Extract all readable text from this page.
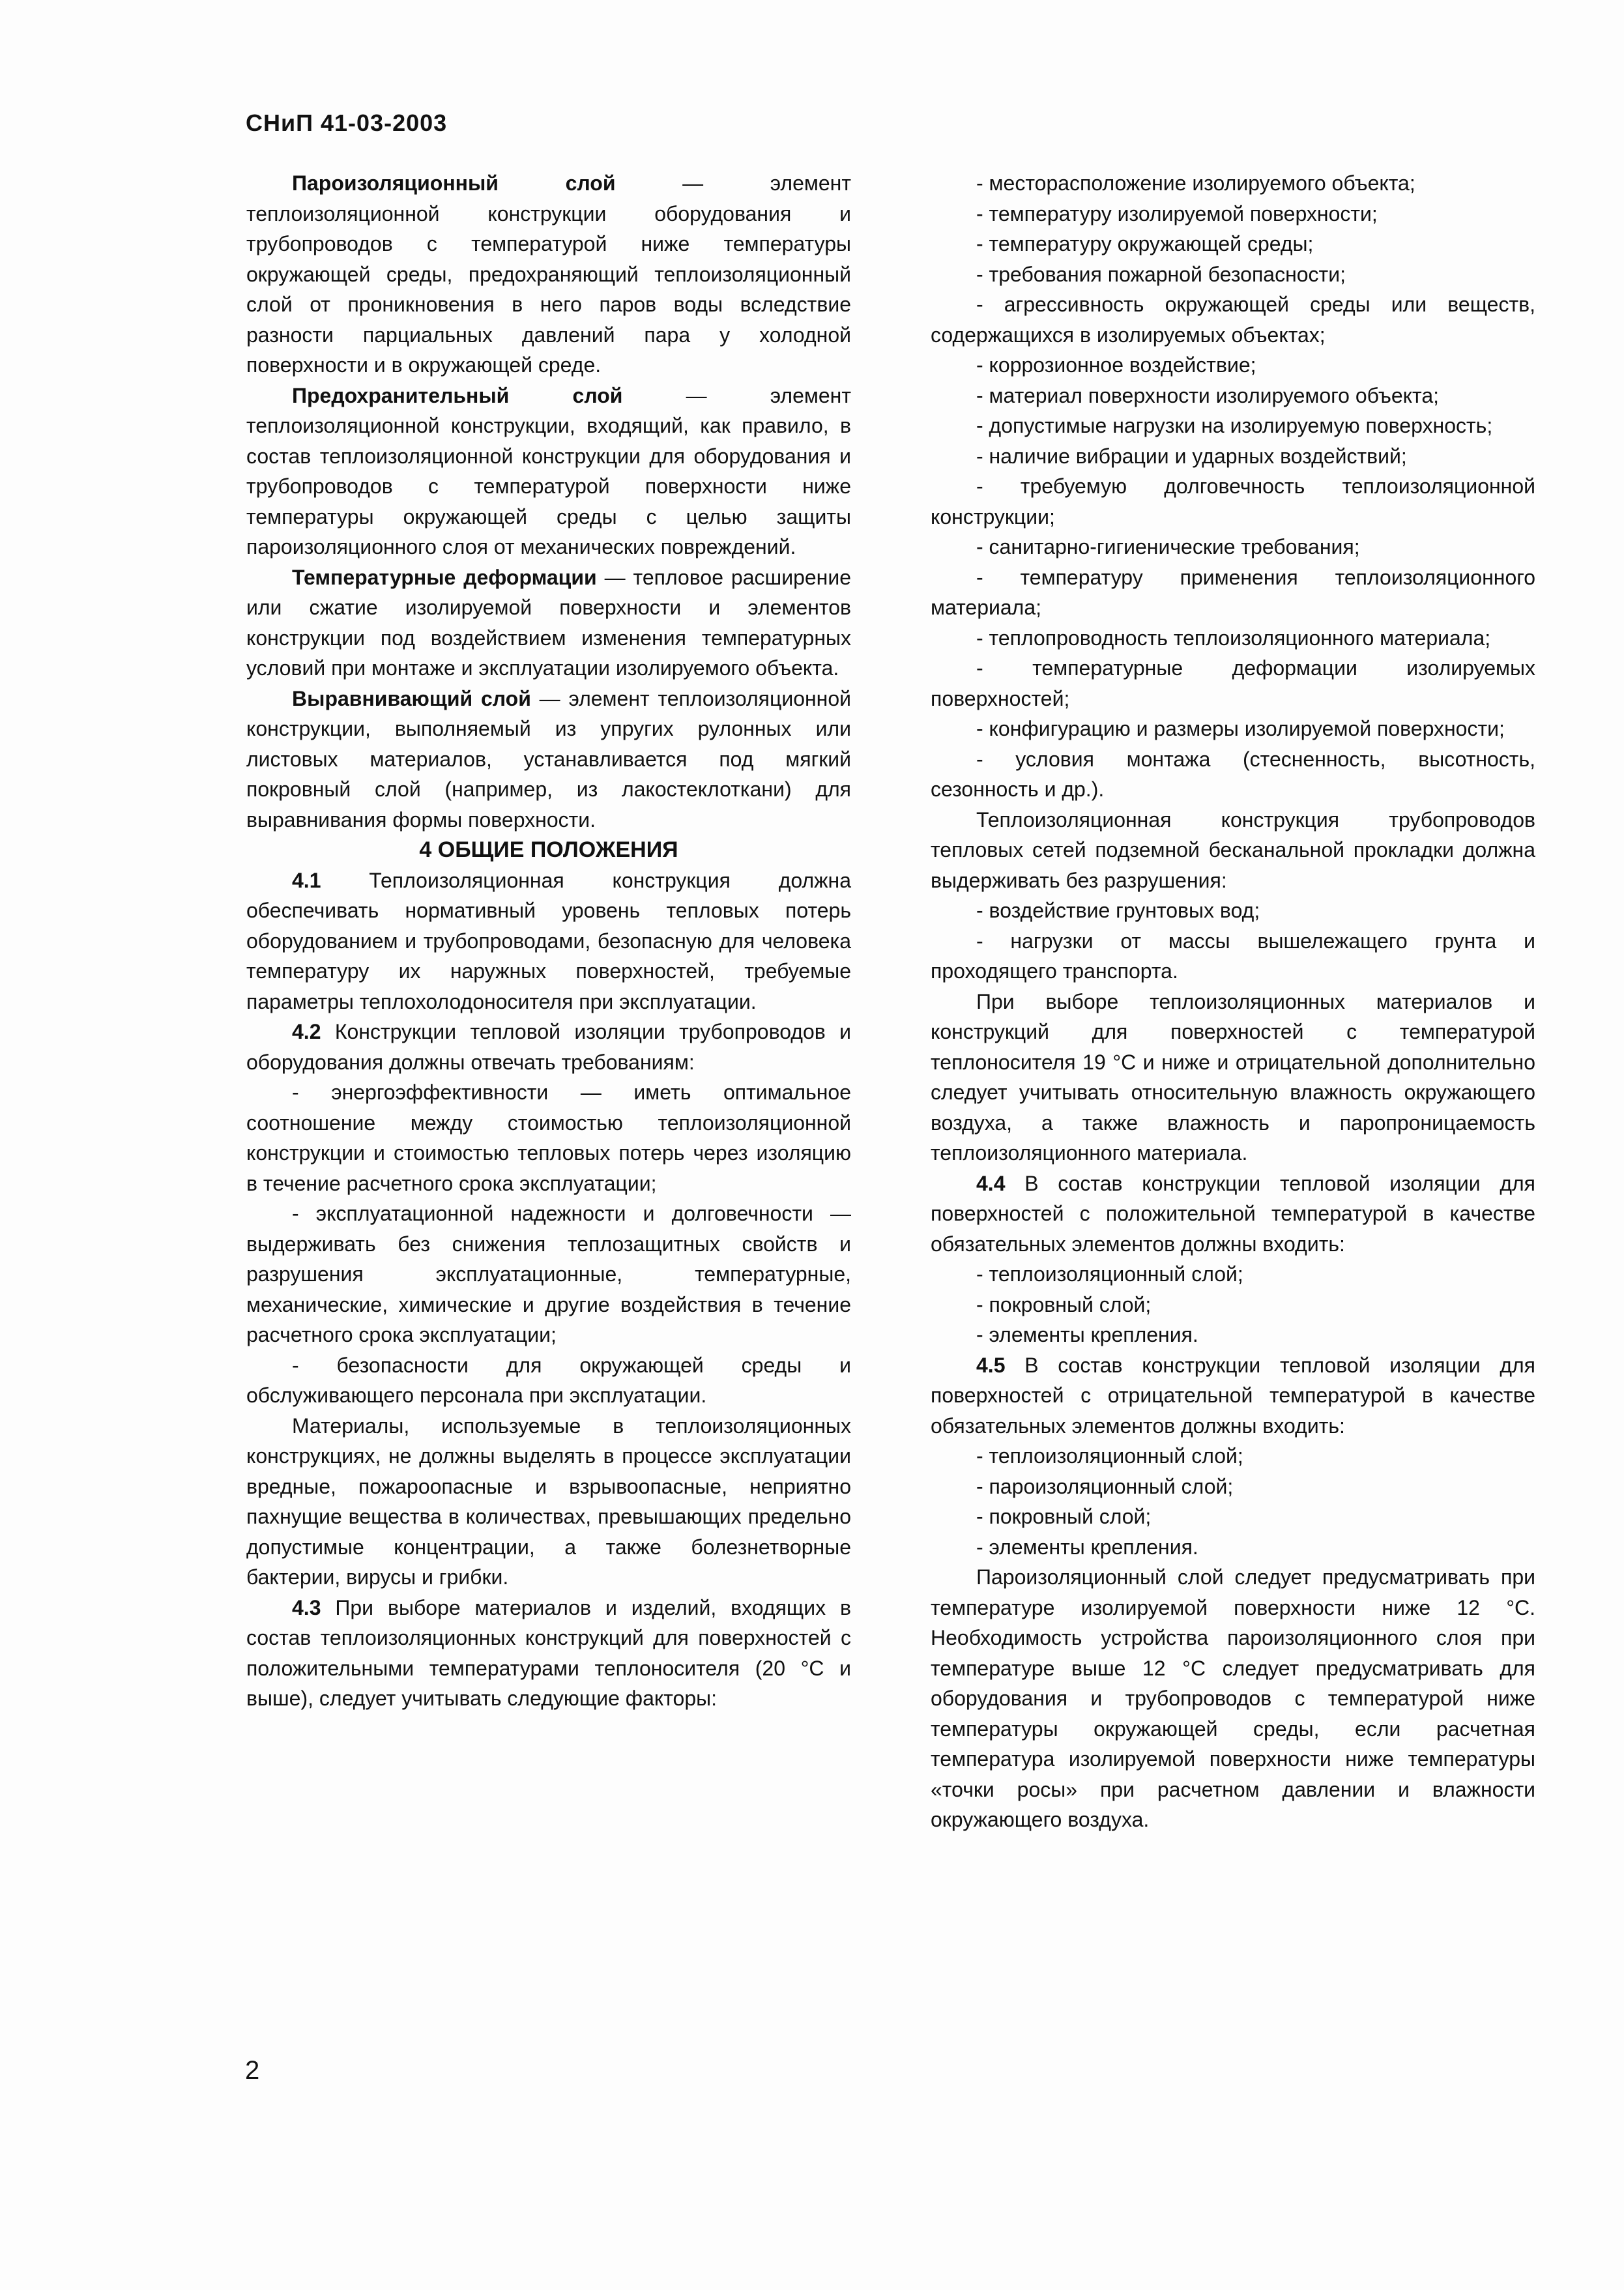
СНиП 41-03-2003

Пароизоляционный слой — элемент теплоизоляционной конструкции оборудования и трубопроводов с температурой ниже температуры окружающей среды, предохраняющий теплоизоляционный слой от проникновения в него паров воды вследствие разности парциальных давлений пара у холодной поверхности и в окружающей среде.

Предохранительный слой — элемент теплоизоляционной конструкции, входящий, как правило, в состав теплоизоляционной конструкции для оборудования и трубопроводов с температурой поверхности ниже температуры окружающей среды с целью защиты пароизоляционного слоя от механических повреждений.

Температурные деформации — тепловое расширение или сжатие изолируемой поверхности и элементов конструкции под воздействием изменения температурных условий при монтаже и эксплуатации изолируемого объекта.

Выравнивающий слой — элемент теплоизоляционной конструкции, выполняемый из упругих рулонных или листовых материалов, устанавливается под мягкий покровный слой (например, из лакостеклоткани) для выравнивания формы поверхности.

4 ОБЩИЕ ПОЛОЖЕНИЯ

4.1 Теплоизоляционная конструкция должна обеспечивать нормативный уровень тепловых потерь оборудованием и трубопроводами, безопасную для человека температуру их наружных поверхностей, требуемые параметры теплохолодоносителя при эксплуатации.

4.2 Конструкции тепловой изоляции трубопроводов и оборудования должны отвечать требованиям:

- энергоэффективности — иметь оптимальное соотношение между стоимостью теплоизоляционной конструкции и стоимостью тепловых потерь через изоляцию в течение расчетного срока эксплуатации;

- эксплуатационной надежности и долговечности — выдерживать без снижения теплозащитных свойств и разрушения эксплуатационные, температурные, механические, химические и другие воздействия в течение расчетного срока эксплуатации;

- безопасности для окружающей среды и обслуживающего персонала при эксплуатации.

Материалы, используемые в теплоизоляционных конструкциях, не должны выделять в процессе эксплуатации вредные, пожароопасные и взрывоопасные, неприятно пахнущие вещества в количествах, превышающих предельно допустимые концентрации, а также болезнетворные бактерии, вирусы и грибки.

4.3 При выборе материалов и изделий, входящих в состав теплоизоляционных конструкций для поверхностей с положительными температурами теплоносителя (20 °С и выше), следует учитывать следующие факторы:

- месторасположение изолируемого объекта;

- температуру изолируемой поверхности;

- температуру окружающей среды;

- требования пожарной безопасности;

- агрессивность окружающей среды или веществ, содержащихся в изолируемых объектах;

- коррозионное воздействие;

- материал поверхности изолируемого объекта;

- допустимые нагрузки на изолируемую поверхность;

- наличие вибрации и ударных воздействий;

- требуемую долговечность теплоизоляционной конструкции;

- санитарно-гигиенические требования;

- температуру применения теплоизоляционного материала;

- теплопроводность теплоизоляционного материала;

- температурные деформации изолируемых поверхностей;

- конфигурацию и размеры изолируемой поверхности;

- условия монтажа (стесненность, высотность, сезонность и др.).

Теплоизоляционная конструкция трубопроводов тепловых сетей подземной бесканальной прокладки должна выдерживать без разрушения:

- воздействие грунтовых вод;

- нагрузки от массы вышележащего грунта и проходящего транспорта.

При выборе теплоизоляционных материалов и конструкций для поверхностей с температурой теплоносителя 19 °С и ниже и отрицательной дополнительно следует учитывать относительную влажность окружающего воздуха, а также влажность и паропроницаемость теплоизоляционного материала.

4.4 В состав конструкции тепловой изоляции для поверхностей с положительной температурой в качестве обязательных элементов должны входить:

- теплоизоляционный слой;

- покровный слой;

- элементы крепления.

4.5 В состав конструкции тепловой изоляции для поверхностей с отрицательной температурой в качестве обязательных элементов должны входить:

- теплоизоляционный слой;

- пароизоляционный слой;

- покровный слой;

- элементы крепления.

Пароизоляционный слой следует предусматривать при температуре изолируемой поверхности ниже 12 °С. Необходимость устройства пароизоляционного слоя при температуре выше 12 °С следует предусматривать для оборудования и трубопроводов с температурой ниже температуры окружающей среды, если расчетная температура изолируемой поверхности ниже температуры «точки росы» при расчетном давлении и влажности окружающего воздуха.

2
